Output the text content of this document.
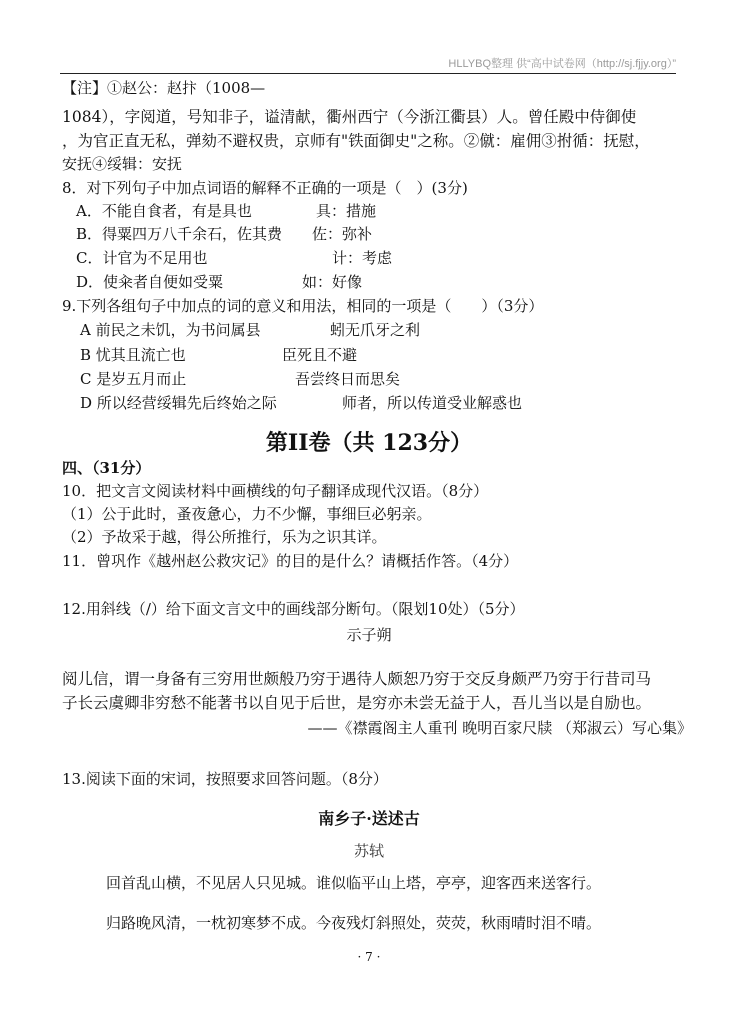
HLLYBQ整理 供“高中试卷网（http://sj.fjjy.org）”
【注】①赵公：赵抃（1008—
1084），字阅道，号知非子，谥清献，衢州西宁（今浙江衢县）人。曾任殿中侍御使
，为官正直无私，弹劾不避权贵，京师有"铁面御史"之称。②僦：雇佣③拊循：抚慰，
安抚④绥辑：安抚
8．对下列句子中加点词语的解释不正确的一项是（　）(3分)
A．不能自食者，有是具也	具：措施
B．得粟四万八千余石，佐其费 佐：弥补
C．计官为不足用也	计：考虑
D．使籴者自便如受粟	如：好像
9.下列各组句子中加点的词的意义和用法，相同的一项是（　　）（3分）
A 前民之未饥，为书问属县	蚓无爪牙之利
B 忧其且流亡也	臣死且不避
C 是岁五月而止	吾尝终日而思矣
D 所以经营绥辑先后终始之际	师者，所以传道受业解惑也
第II卷（共 123分）
四、（31分）
10．把文言文阅读材料中画横线的句子翻译成现代汉语。（8分）
（1）公于此时，蚤夜惫心，力不少懈，事细巨必躬亲。
（2）予故采于越，得公所推行，乐为之识其详。
11．曾巩作《越州赵公救灾记》的目的是什么？请概括作答。（4分）
12.用斜线（/）给下面文言文中的画线部分断句。（限划10处）（5分）
示子朔
阅儿信，谓一身备有三穷用世颇般乃穷于遇待人颇恕乃穷于交反身颇严乃穷于行昔司马
子长云虞卿非穷愁不能著书以自见于后世，是穷亦未尝无益于人，吾儿当以是自励也。
——《襟霞阁主人重刊 晚明百家尺牍 （郑淑云）写心集》
13.阅读下面的宋词，按照要求回答问题。（8分）
南乡子·送述古
苏轼
回首乱山横，不见居人只见城。谁似临平山上塔，亭亭，迎客西来送客行。
归路晚风清，一枕初寒梦不成。今夜残灯斜照处，荧荧，秋雨晴时泪不晴。
· 7 ·
